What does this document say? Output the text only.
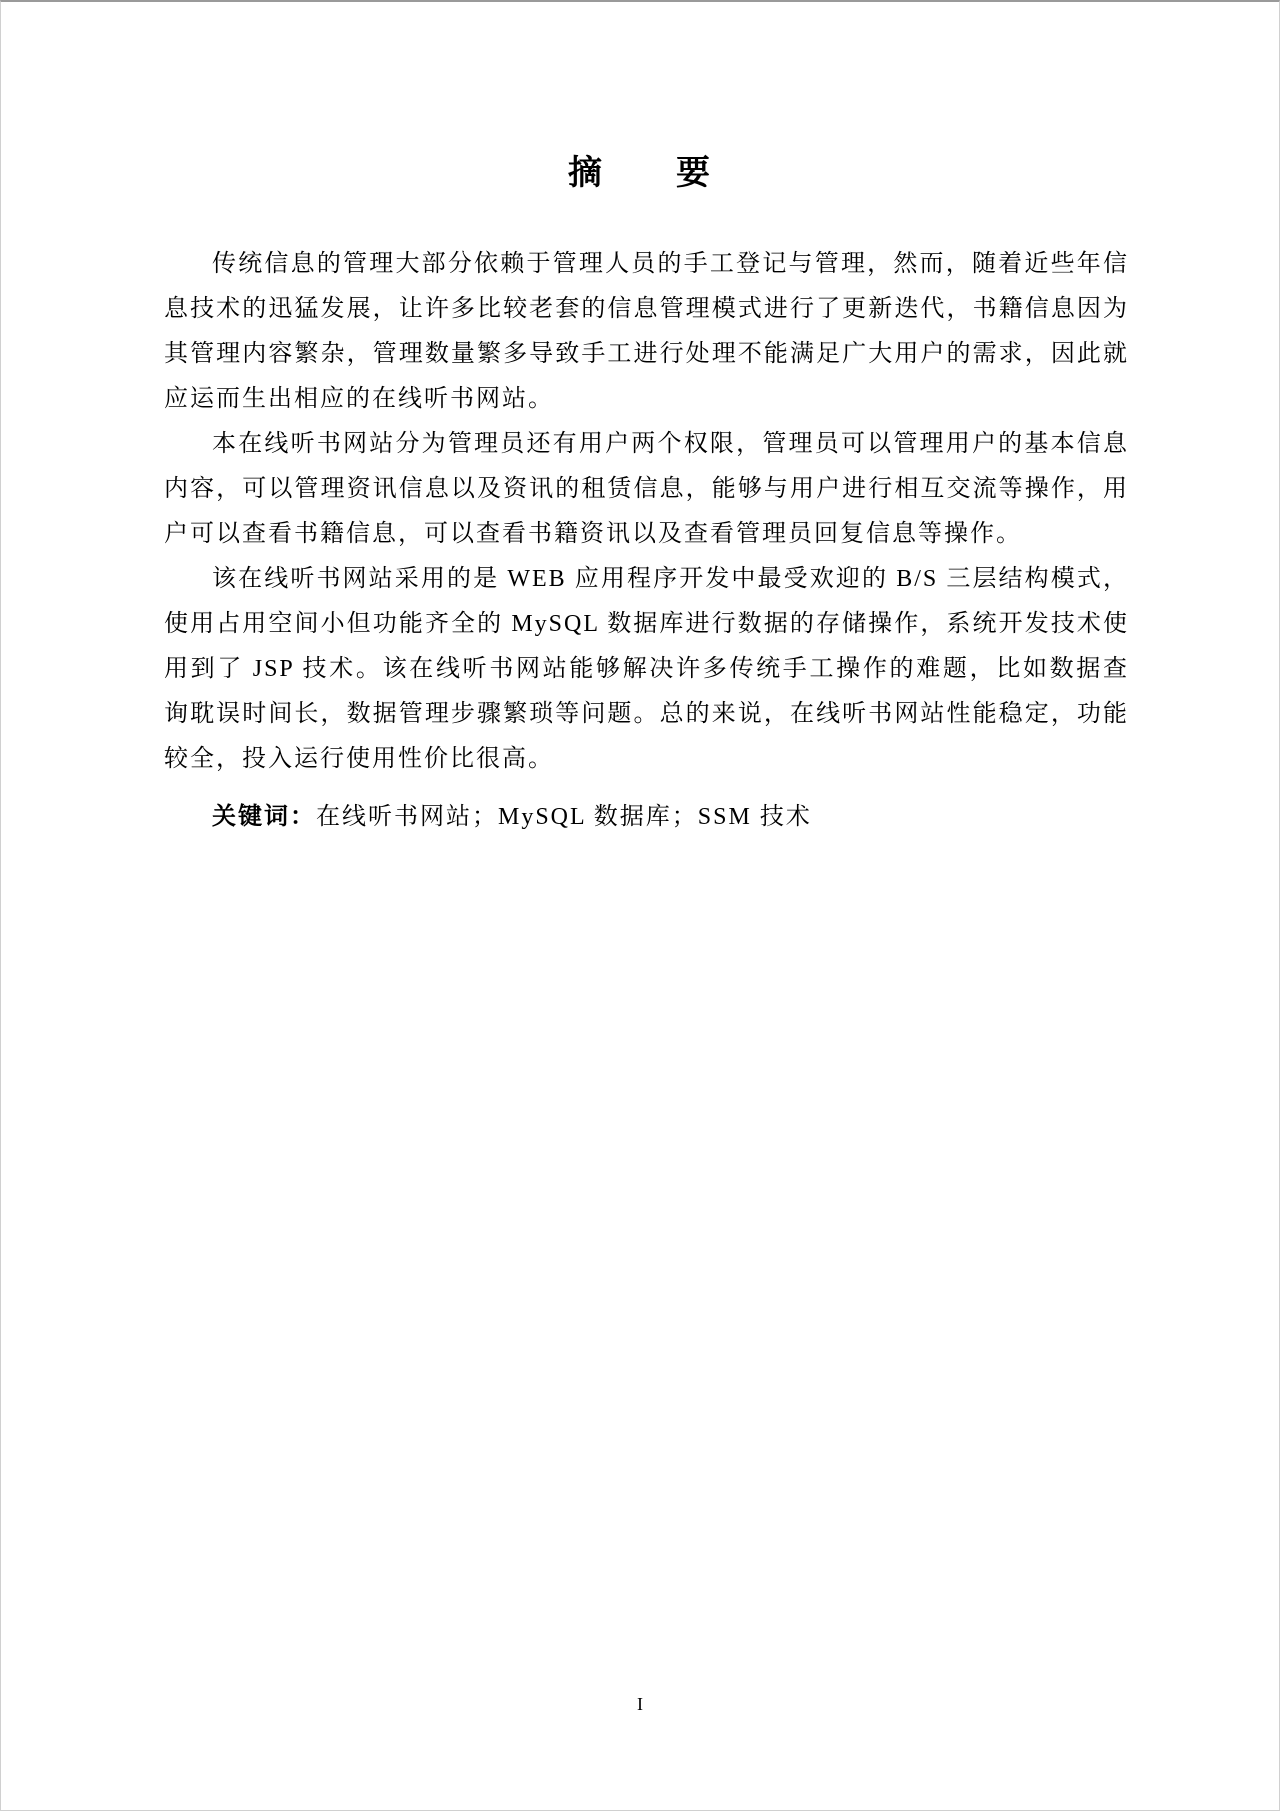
摘　　要

传统信息的管理大部分依赖于管理人员的手工登记与管理，然而，随着近些年信息技术的迅猛发展，让许多比较老套的信息管理模式进行了更新迭代，书籍信息因为其管理内容繁杂，管理数量繁多导致手工进行处理不能满足广大用户的需求，因此就应运而生出相应的在线听书网站。

本在线听书网站分为管理员还有用户两个权限，管理员可以管理用户的基本信息内容，可以管理资讯信息以及资讯的租赁信息，能够与用户进行相互交流等操作，用户可以查看书籍信息，可以查看书籍资讯以及查看管理员回复信息等操作。

该在线听书网站采用的是 WEB 应用程序开发中最受欢迎的 B/S 三层结构模式，使用占用空间小但功能齐全的 MySQL 数据库进行数据的存储操作，系统开发技术使用到了 JSP 技术。该在线听书网站能够解决许多传统手工操作的难题，比如数据查询耽误时间长，数据管理步骤繁琐等问题。总的来说，在线听书网站性能稳定，功能较全，投入运行使用性价比很高。

关键词：在线听书网站；MySQL 数据库；SSM 技术

I
